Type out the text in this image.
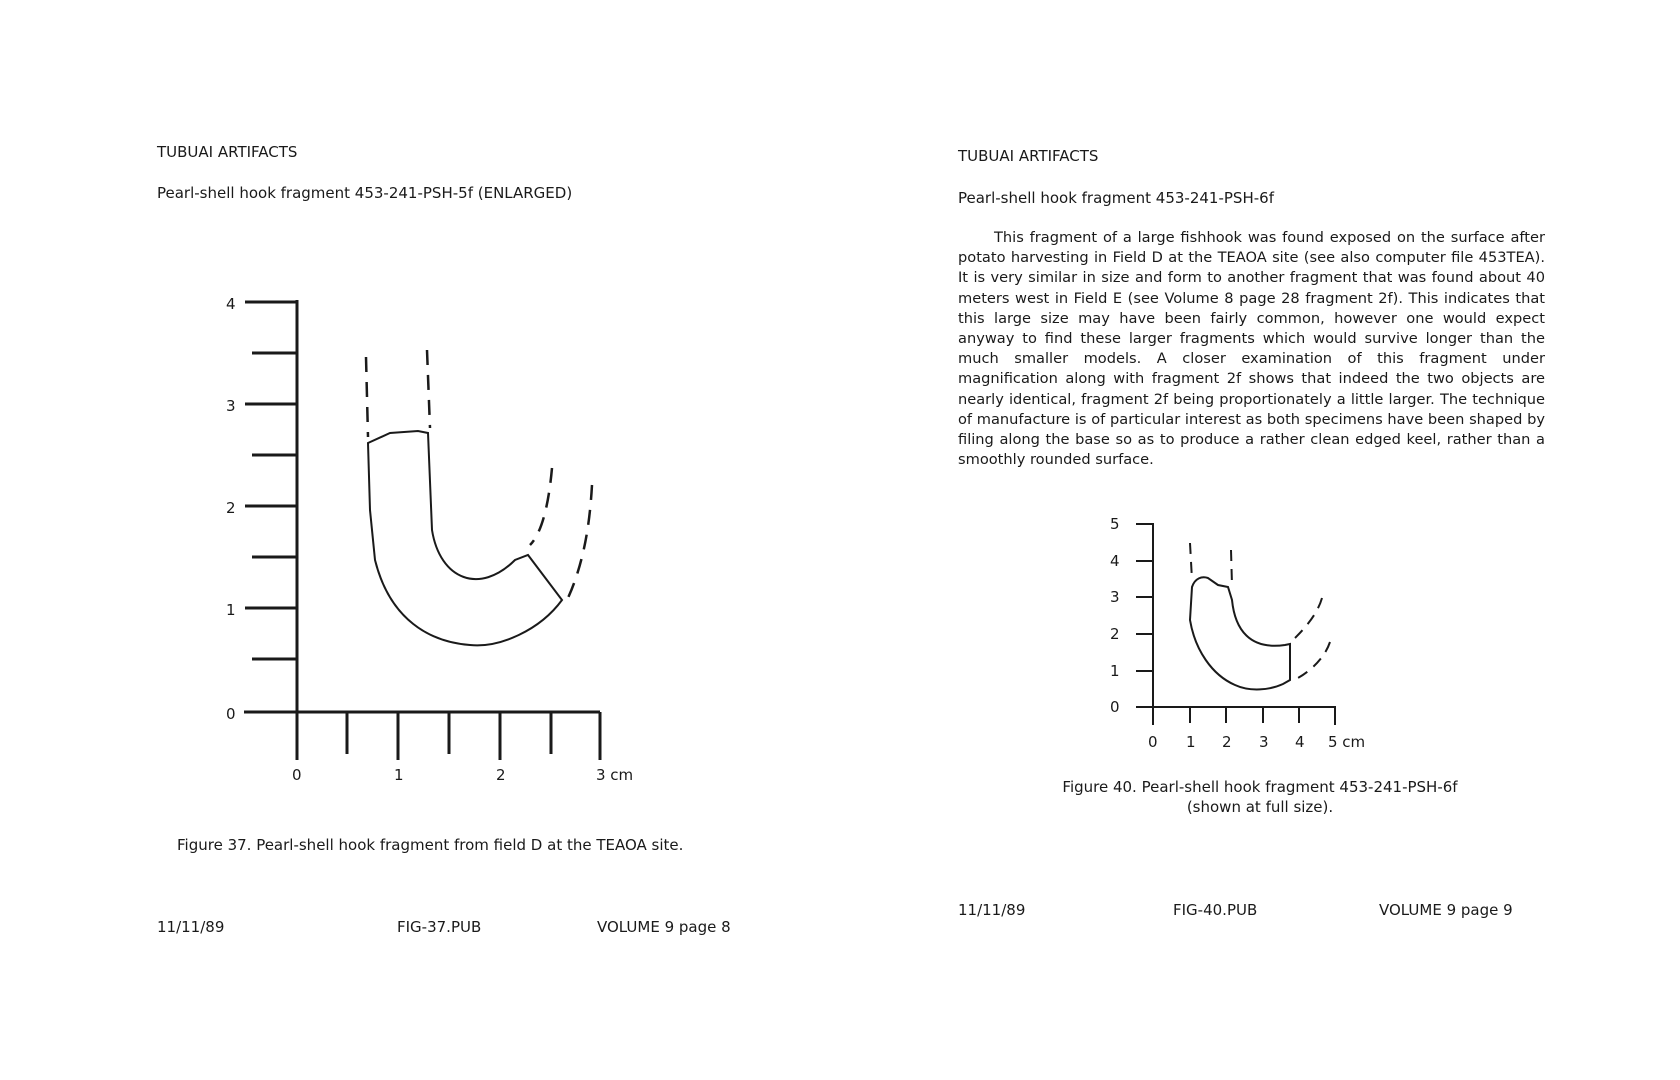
TUBUAI ARTIFACTS
Pearl-shell hook fragment 453-241-PSH-5f (ENLARGED)
4
3
2
1
0
0	1	2	3 cm
Figure 37. Pearl-shell hook fragment from field D at the TEAOA site.
11/11/89	FIG-37.PUB	VOLUME 9 page 8
TUBUAI ARTIFACTS
Pearl-shell hook fragment 453-241-PSH-6f
This fragment of a large fishhook was found exposed on the surface after potato harvesting in Field D at the TEAOA site (see also computer file 453TEA). It is very similar in size and form to another fragment that was found about 40 meters west in Field E (see Volume 8 page 28 fragment 2f). This indicates that this large size may have been fairly common, however one would expect anyway to find these larger fragments which would survive longer than the much smaller models. A closer examination of this fragment under magnification along with fragment 2f shows that indeed the two objects are nearly identical, fragment 2f being proportionately a little larger. The technique of manufacture is of particular interest as both specimens have been shaped by filing along the base so as to produce a rather clean edged keel, rather than a smoothly rounded surface.
5
4
3
2
1
0
0 1 2 3 4 5 cm
Figure 40. Pearl-shell hook fragment 453-241-PSH-6f
(shown at full size).
11/11/89	FIG-40.PUB	VOLUME 9 page 9
